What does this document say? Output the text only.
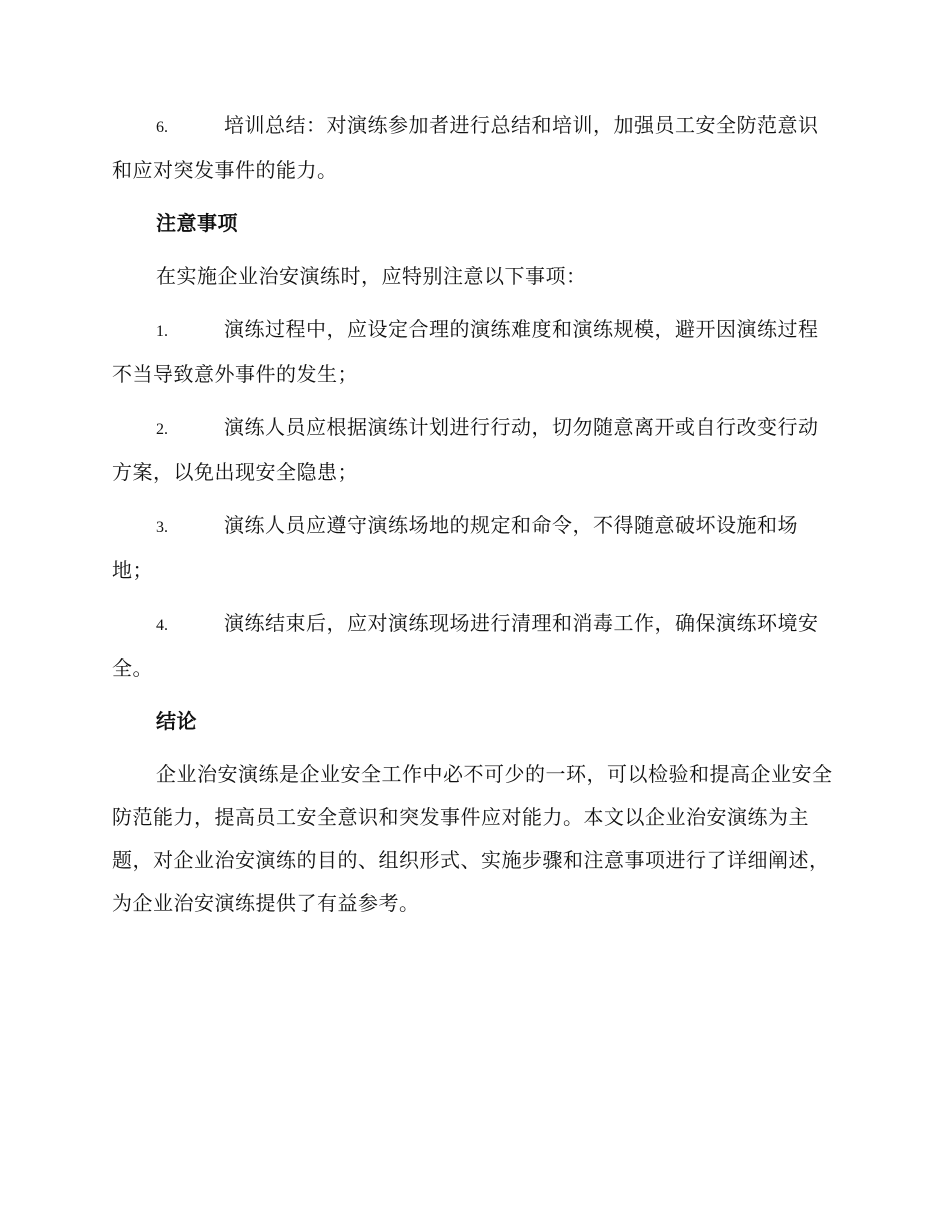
6.	培训总结：对演练参加者进行总结和培训，加强员工安全防范意识和应对突发事件的能力。

注意事项

在实施企业治安演练时，应特别注意以下事项：

1.	演练过程中，应设定合理的演练难度和演练规模，避开因演练过程不当导致意外事件的发生；

2.	演练人员应根据演练计划进行行动，切勿随意离开或自行改变行动方案，以免出现安全隐患；

3.	演练人员应遵守演练场地的规定和命令，不得随意破坏设施和场地；

4.	演练结束后，应对演练现场进行清理和消毒工作，确保演练环境安全。

结论

企业治安演练是企业安全工作中必不可少的一环，可以检验和提高企业安全防范能力，提高员工安全意识和突发事件应对能力。本文以企业治安演练为主题，对企业治安演练的目的、组织形式、实施步骤和注意事项进行了详细阐述，为企业治安演练提供了有益参考。
